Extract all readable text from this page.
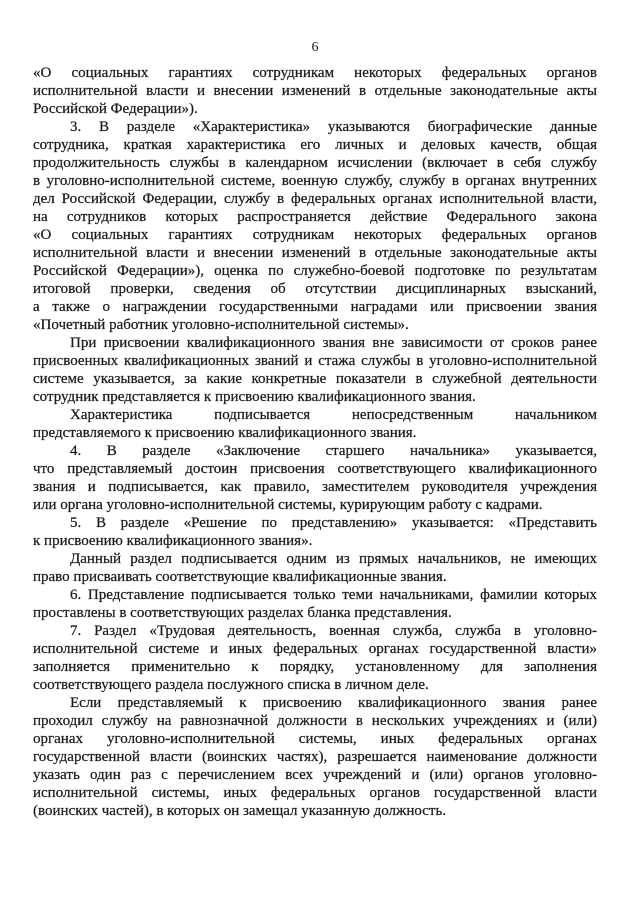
6
«О социальных гарантиях сотрудникам некоторых федеральных органов
исполнительной власти и внесении изменений в отдельные законодательные акты
Российской Федерации»).
3. В разделе «Характеристика» указываются биографические данные
сотрудника, краткая характеристика его личных и деловых качеств, общая
продолжительность службы в календарном исчислении (включает в себя службу
в уголовно-исполнительной системе, военную службу, службу в органах внутренних
дел Российской Федерации, службу в федеральных органах исполнительной власти,
на сотрудников которых распространяется действие Федерального закона
«О социальных гарантиях сотрудникам некоторых федеральных органов
исполнительной власти и внесении изменений в отдельные законодательные акты
Российской Федерации»), оценка по служебно-боевой подготовке по результатам
итоговой проверки, сведения об отсутствии дисциплинарных взысканий,
а также о награждении государственными наградами или присвоении звания
«Почетный работник уголовно-исполнительной системы».
При присвоении квалификационного звания вне зависимости от сроков ранее
присвоенных квалификационных званий и стажа службы в уголовно-исполнительной
системе указывается, за какие конкретные показатели в служебной деятельности
сотрудник представляется к присвоению квалификационного звания.
Характеристика подписывается непосредственным начальником
представляемого к присвоению квалификационного звания.
4. В разделе «Заключение старшего начальника» указывается,
что представляемый достоин присвоения соответствующего квалификационного
звания и подписывается, как правило, заместителем руководителя учреждения
или органа уголовно-исполнительной системы, курирующим работу с кадрами.
5. В разделе «Решение по представлению» указывается: «Представить
к присвоению квалификационного звания».
Данный раздел подписывается одним из прямых начальников, не имеющих
право присваивать соответствующие квалификационные звания.
6. Представление подписывается только теми начальниками, фамилии которых
проставлены в соответствующих разделах бланка представления.
7. Раздел «Трудовая деятельность, военная служба, служба в уголовно-
исполнительной системе и иных федеральных органах государственной власти»
заполняется применительно к порядку, установленному для заполнения
соответствующего раздела послужного списка в личном деле.
Если представляемый к присвоению квалификационного звания ранее
проходил службу на равнозначной должности в нескольких учреждениях и (или)
органах уголовно-исполнительной системы, иных федеральных органах
государственной власти (воинских частях), разрешается наименование должности
указать один раз с перечислением всех учреждений и (или) органов уголовно-
исполнительной системы, иных федеральных органов государственной власти
(воинских частей), в которых он замещал указанную должность.
